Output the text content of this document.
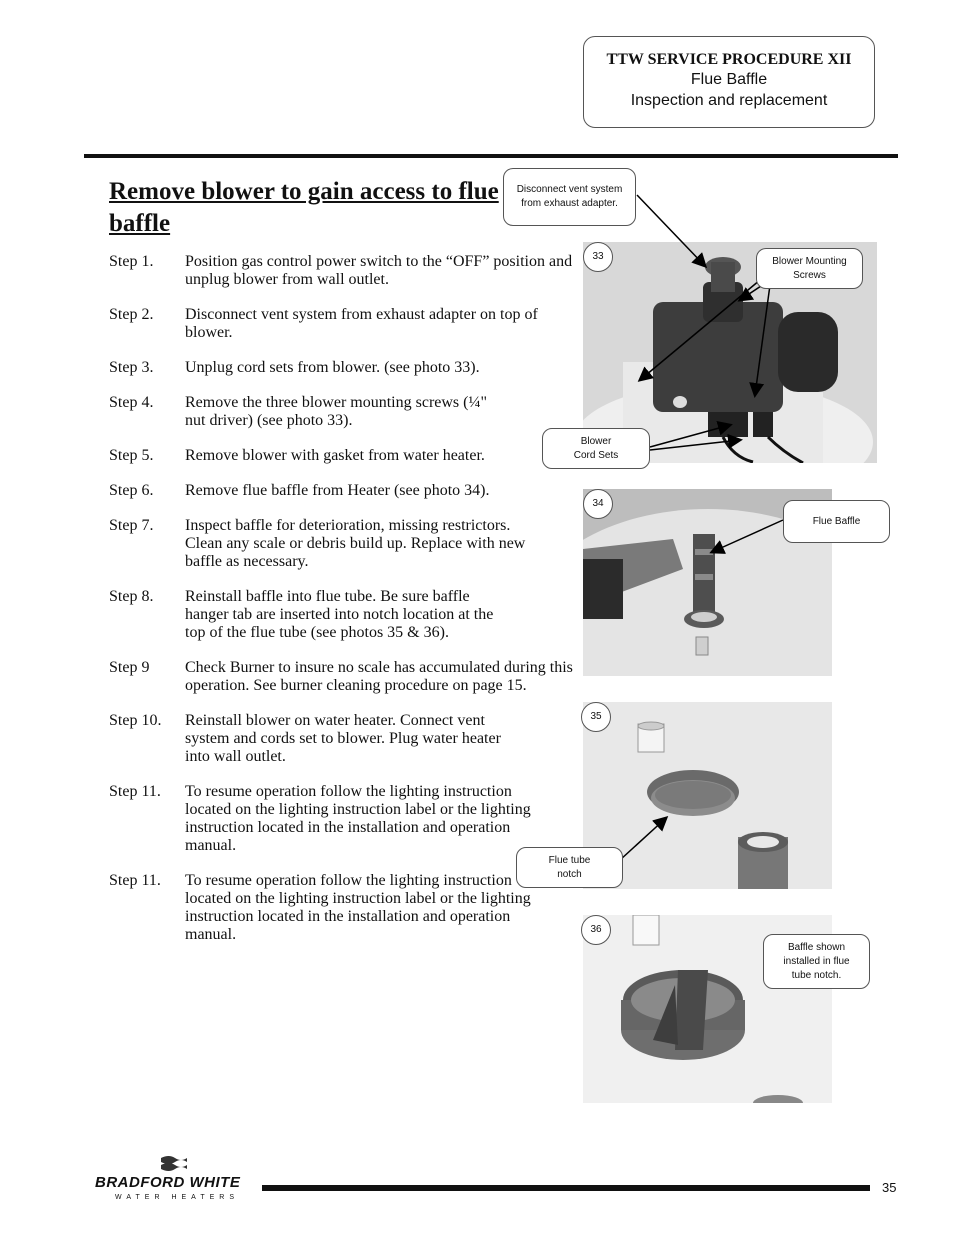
TTW SERVICE PROCEDURE XII
Flue Baffle
Inspection and replacement
Remove blower to gain access to flue baffle
Step 1.	Position gas control power switch to the “OFF” position and unplug blower from wall outlet.
Step 2.	Disconnect vent system from exhaust adapter on top of blower.
Step 3.	Unplug cord sets from blower. (see photo 33).
Step 4.	Remove the three blower mounting screws (¼" nut driver) (see photo 33).
Step 5.	Remove blower with gasket from water heater.
Step 6.	Remove flue baffle from Heater (see photo 34).
Step 7.	Inspect baffle for deterioration, missing restrictors. Clean any scale or debris build up. Replace with new baffle as necessary.
Step 8.	Reinstall baffle into flue tube. Be sure baffle hanger tab are inserted into notch location at the top of the flue tube (see photos 35 & 36).
Step 9	Check Burner to insure no scale has accumulated during this operation. See burner cleaning procedure on page 15.
Step 10.	Reinstall blower on water heater. Connect vent system and cords set to blower. Plug water heater into wall outlet.
Step 11.	To resume operation follow the lighting instruction located on the lighting instruction label or the lighting instruction located in the installation and operation manual.
Step 11.	To resume operation follow the lighting instruction located on the lighting instruction label or the lighting instruction located in the installation and operation manual.
33
34
35
36
Disconnect vent system
from exhaust adapter.
Blower Mounting
Screws
Blower
Cord Sets
Flue Baffle
Flue tube
notch
Baffle shown
installed in flue
tube notch.
BRADFORD WHITE
WATER HEATERS
35
